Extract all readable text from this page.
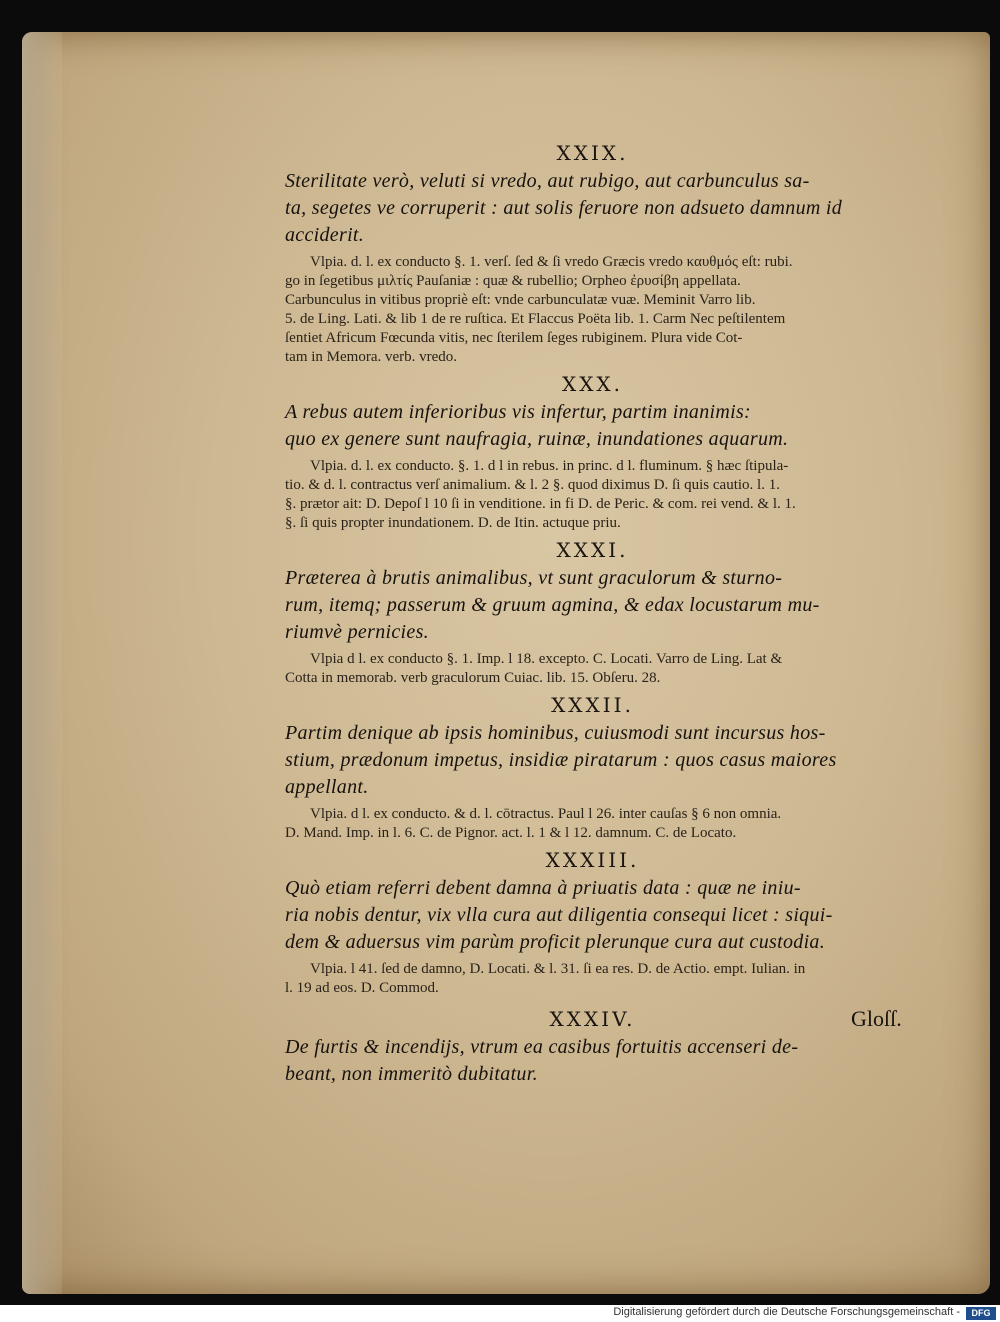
XXIX.
Sterilitate verò, veluti si vredo, aut rubigo, aut carbunculus sa-
ta, segetes ve corruperit : aut solis feruore non adsueto damnum id
acciderit.
Vlpia. d. l. ex conducto §. 1. verſ. ſed & ſi vredo Græcis vredo καυθμός eſt: rubi.
go in ſegetibus μιλτίς Pauſaniæ : quæ & rubellio; Orpheo ἐρυσίβη appellata.
Carbunculus in vitibus propriè eſt: vnde carbunculatæ vuæ. Meminit Varro lib.
5. de Ling. Lati. & lib 1 de re ruſtica. Et Flaccus Poëta lib. 1. Carm Nec peſtilentem
ſentiet Africum Fœcunda vitis, nec ſterilem ſeges rubiginem. Plura vide Cot-
tam in Memora. verb. vredo.
XXX.
A rebus autem inferioribus vis infertur, partim inanimis:
quo ex genere sunt naufragia, ruinæ, inundationes aquarum.
Vlpia. d. l. ex conducto. §. 1. d l in rebus. in princ. d l. fluminum. § hæc ſtipula-
tio. & d. l. contractus verſ animalium. & l. 2 §. quod diximus D. ſi quis cautio. l. 1.
§. prætor ait: D. Depoſ l 10 ſi in venditione. in fi D. de Peric. & com. rei vend. & l. 1.
§. ſi quis propter inundationem. D. de Itin. actuque priu.
XXXI.
Præterea à brutis animalibus, vt sunt graculorum & sturno-
rum, itemq; passerum & gruum agmina, & edax locustarum mu-
riumvè pernicies.
Vlpia d l. ex conducto §. 1. Imp. l 18. excepto. C. Locati. Varro de Ling. Lat &
Cotta in memorab. verb graculorum Cuiac. lib. 15. Obſeru. 28.
XXXII.
Partim denique ab ipsis hominibus, cuiusmodi sunt incursus hos-
stium, prædonum impetus, insidiæ piratarum : quos casus maiores
appellant.
Vlpia. d l. ex conducto. & d. l. cōtractus. Paul l 26. inter cauſas § 6 non omnia.
D. Mand. Imp. in l. 6. C. de Pignor. act. l. 1 & l 12. damnum. C. de Locato.
XXXIII.
Quò etiam referri debent damna à priuatis data : quæ ne iniu-
ria nobis dentur, vix vlla cura aut diligentia consequi licet : siqui-
dem & aduersus vim parùm proficit plerunque cura aut custodia.
Vlpia. l 41. ſed de damno, D. Locati. & l. 31. ſi ea res. D. de Actio. empt. Iulian. in
l. 19 ad eos. D. Commod.
XXXIV.
De furtis & incendijs, vtrum ea casibus fortuitis accenseri de-
beant, non immeritò dubitatur.
Gloſſ.
Digitalisierung gefördert durch die Deutsche Forschungsgemeinschaft -	DFG
